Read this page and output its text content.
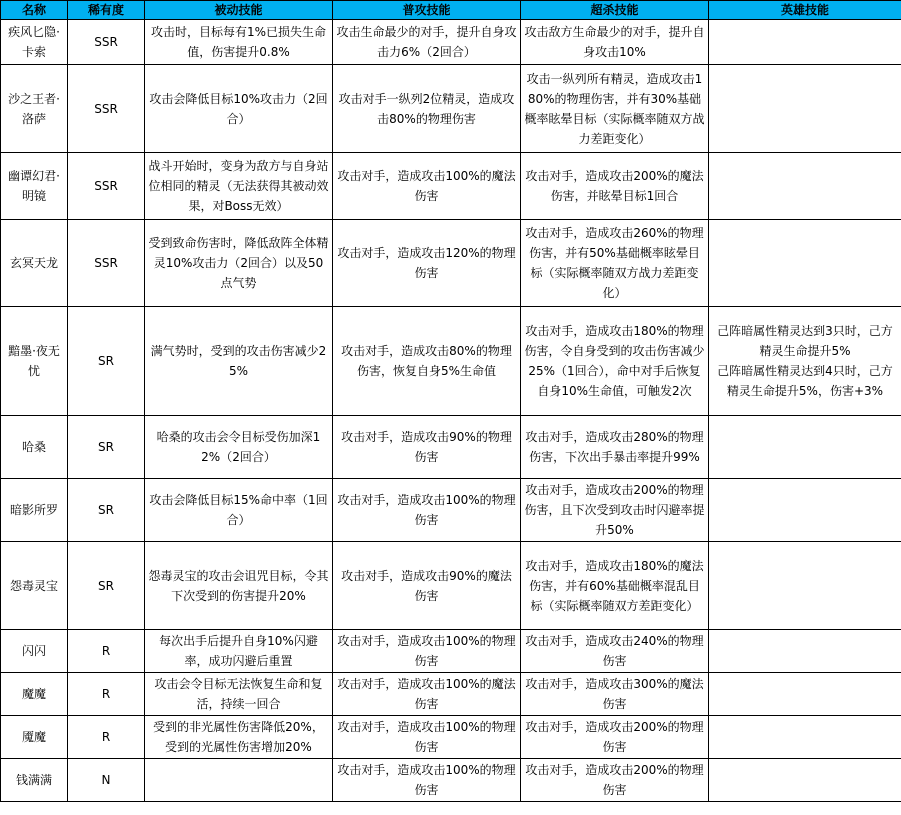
名称	稀有度	被动技能	普攻技能	超杀技能	英雄技能
疾风匕隐·卡索	SSR	攻击时，目标每有1%已损失生命值，伤害提升0.8%	攻击生命最少的对手，提升自身攻击力6%（2回合）	攻击敌方生命最少的对手，提升自身攻击10%	
沙之王者·洛萨	SSR	攻击会降低目标10%攻击力（2回合）	攻击对手一纵列2位精灵，造成攻击80%的物理伤害	攻击一纵列所有精灵，造成攻击180%的物理伤害，并有30%基础概率眩晕目标（实际概率随双方战力差距变化）	
幽谭幻君·明镜	SSR	战斗开始时，变身为敌方与自身站位相同的精灵（无法获得其被动效果，对Boss无效）	攻击对手，造成攻击100%的魔法伤害	攻击对手，造成攻击200%的魔法伤害，并眩晕目标1回合	
玄冥天龙	SSR	受到致命伤害时，降低敌阵全体精灵10%攻击力（2回合）以及50点气势	攻击对手，造成攻击120%的物理伤害	攻击对手，造成攻击260%的物理伤害，并有50%基础概率眩晕目标（实际概率随双方战力差距变化）	
黯墨·夜无忧	SR	满气势时，受到的攻击伤害减少25%	攻击对手，造成攻击80%的物理伤害，恢复自身5%生命值	攻击对手，造成攻击180%的物理伤害，令自身受到的攻击伤害减少25%（1回合），命中对手后恢复自身10%生命值，可触发2次	己阵暗属性精灵达到3只时，己方精灵生命提升5%
己阵暗属性精灵达到4只时，己方精灵生命提升5%，伤害+3%
哈桑	SR	哈桑的攻击会令目标受伤加深12%（2回合）	攻击对手，造成攻击90%的物理伤害	攻击对手，造成攻击280%的物理伤害，下次出手暴击率提升99%	
暗影所罗	SR	攻击会降低目标15%命中率（1回合）	攻击对手，造成攻击100%的物理伤害	攻击对手，造成攻击200%的物理伤害，且下次受到攻击时闪避率提升50%	
怨毒灵宝	SR	怨毒灵宝的攻击会诅咒目标，令其下次受到的伤害提升20%	攻击对手，造成攻击90%的魔法伤害	攻击对手，造成攻击180%的魔法伤害，并有60%基础概率混乱目标（实际概率随双方差距变化）	
闪闪	R	每次出手后提升自身10%闪避率，成功闪避后重置	攻击对手，造成攻击100%的物理伤害	攻击对手，造成攻击240%的物理伤害	
魔魔	R	攻击会令目标无法恢复生命和复活，持续一回合	攻击对手，造成攻击100%的魔法伤害	攻击对手，造成攻击300%的魔法伤害	
魇魔	R	受到的非光属性伤害降低20%，受到的光属性伤害增加20%	攻击对手，造成攻击100%的物理伤害	攻击对手，造成攻击200%的物理伤害	
钱满满	N		攻击对手，造成攻击100%的物理伤害	攻击对手，造成攻击200%的物理伤害	
